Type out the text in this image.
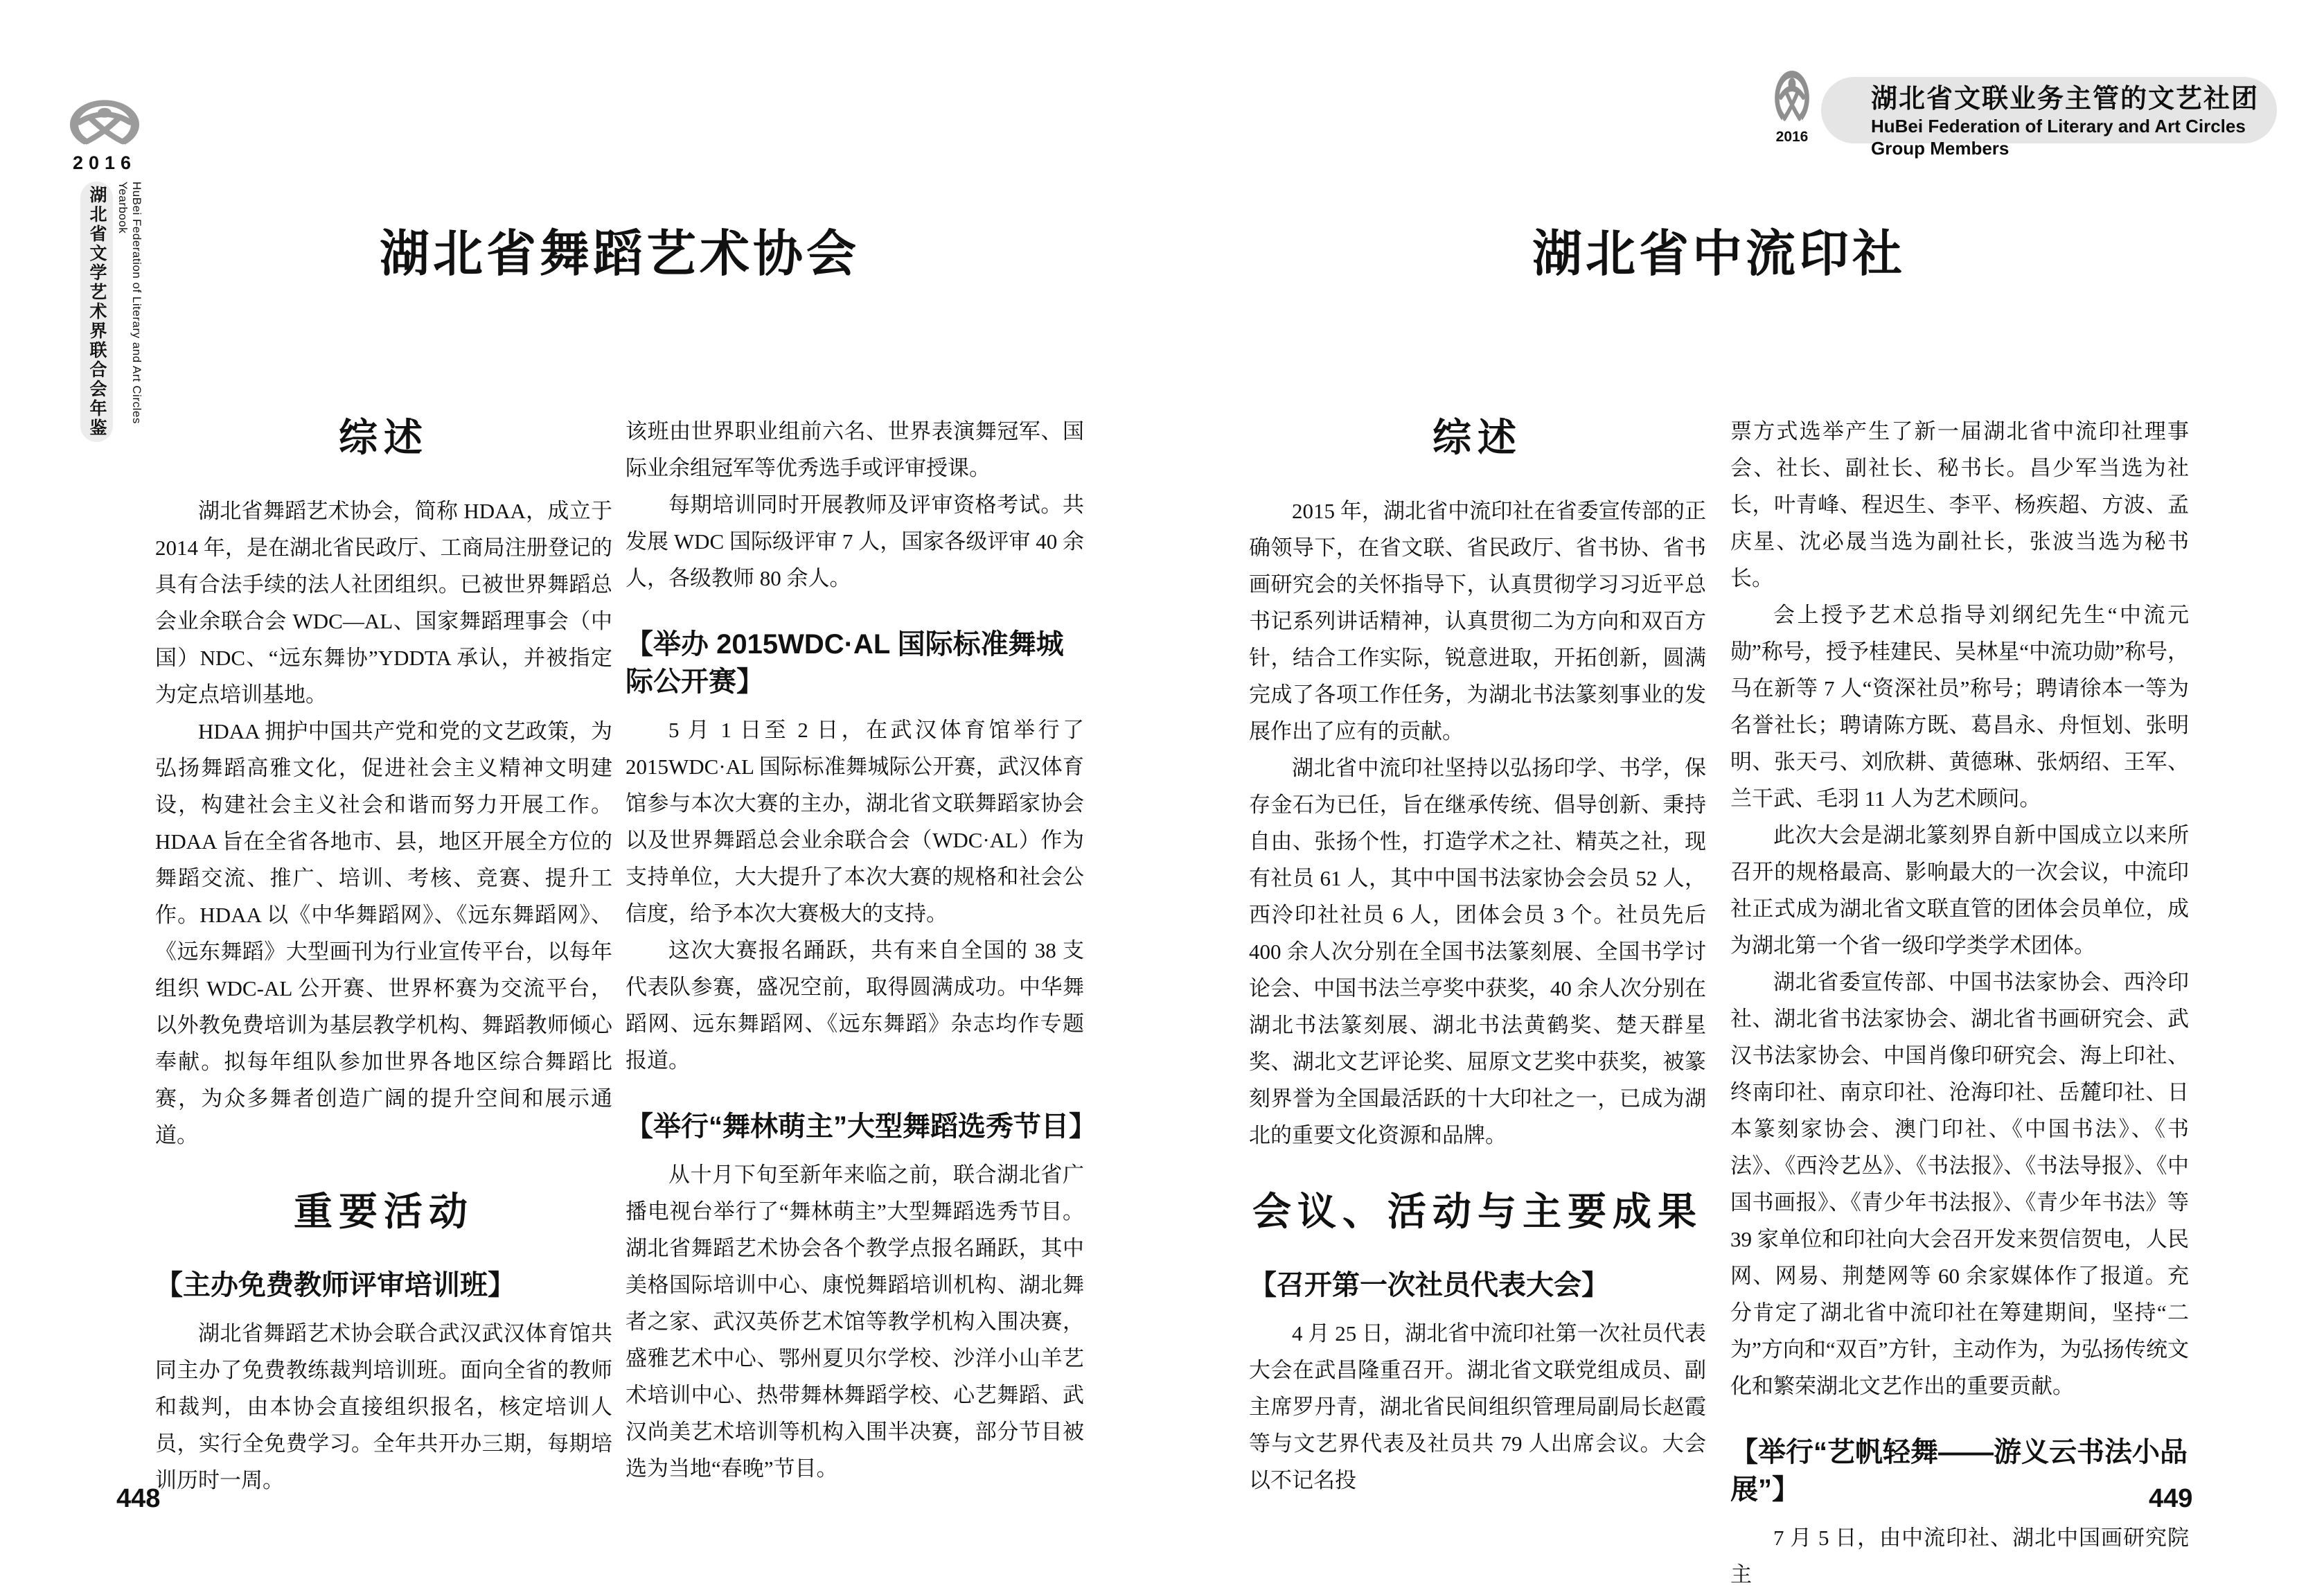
2016
湖北省文学艺术界联合会年鉴	HuBei Federation of Literary and Art Circles Yearbook
2016
湖北省文联业务主管的文艺社团
HuBei Federation of Literary and Art Circles Group Members
湖北省舞蹈艺术协会
综述
湖北省舞蹈艺术协会，简称 HDAA，成立于 2014 年，是在湖北省民政厅、工商局注册登记的具有合法手续的法人社团组织。已被世界舞蹈总会业余联合会 WDC—AL、国家舞蹈理事会（中国）NDC、“远东舞协”YDDTA 承认，并被指定为定点培训基地。
HDAA 拥护中国共产党和党的文艺政策，为弘扬舞蹈高雅文化，促进社会主义精神文明建设，构建社会主义社会和谐而努力开展工作。HDAA 旨在全省各地市、县，地区开展全方位的舞蹈交流、推广、培训、考核、竞赛、提升工作。HDAA 以《中华舞蹈网》、《远东舞蹈网》、《远东舞蹈》大型画刊为行业宣传平台，以每年组织 WDC-AL 公开赛、世界杯赛为交流平台，以外教免费培训为基层教学机构、舞蹈教师倾心奉献。拟每年组队参加世界各地区综合舞蹈比赛，为众多舞者创造广阔的提升空间和展示通道。
重要活动
【主办免费教师评审培训班】
湖北省舞蹈艺术协会联合武汉武汉体育馆共同主办了免费教练裁判培训班。面向全省的教师和裁判，由本协会直接组织报名，核定培训人员，实行全免费学习。全年共开办三期，每期培训历时一周。
该班由世界职业组前六名、世界表演舞冠军、国际业余组冠军等优秀选手或评审授课。
每期培训同时开展教师及评审资格考试。共发展 WDC 国际级评审 7 人，国家各级评审 40 余人，各级教师 80 余人。
【举办 2015WDC·AL 国际标准舞城际公开赛】
5 月 1 日至 2 日，在武汉体育馆举行了 2015WDC·AL 国际标准舞城际公开赛，武汉体育馆参与本次大赛的主办，湖北省文联舞蹈家协会以及世界舞蹈总会业余联合会（WDC·AL）作为支持单位，大大提升了本次大赛的规格和社会公信度，给予本次大赛极大的支持。
这次大赛报名踊跃，共有来自全国的 38 支代表队参赛，盛况空前，取得圆满成功。中华舞蹈网、远东舞蹈网、《远东舞蹈》杂志均作专题报道。
【举行“舞林萌主”大型舞蹈选秀节目】
从十月下旬至新年来临之前，联合湖北省广播电视台举行了“舞林萌主”大型舞蹈选秀节目。湖北省舞蹈艺术协会各个教学点报名踊跃，其中美格国际培训中心、康悦舞蹈培训机构、湖北舞者之家、武汉英侨艺术馆等教学机构入围决赛，盛雅艺术中心、鄂州夏贝尔学校、沙洋小山羊艺术培训中心、热带舞林舞蹈学校、心艺舞蹈、武汉尚美艺术培训等机构入围半决赛，部分节目被选为当地“春晚”节目。
湖北省中流印社
综述
2015 年，湖北省中流印社在省委宣传部的正确领导下，在省文联、省民政厅、省书协、省书画研究会的关怀指导下，认真贯彻学习习近平总书记系列讲话精神，认真贯彻二为方向和双百方针，结合工作实际，锐意进取，开拓创新，圆满完成了各项工作任务，为湖北书法篆刻事业的发展作出了应有的贡献。
湖北省中流印社坚持以弘扬印学、书学，保存金石为已任，旨在继承传统、倡导创新、秉持自由、张扬个性，打造学术之社、精英之社，现有社员 61 人，其中中国书法家协会会员 52 人，西泠印社社员 6 人，团体会员 3 个。社员先后 400 余人次分别在全国书法篆刻展、全国书学讨论会、中国书法兰亭奖中获奖，40 余人次分别在湖北书法篆刻展、湖北书法黄鹤奖、楚天群星奖、湖北文艺评论奖、屈原文艺奖中获奖，被篆刻界誉为全国最活跃的十大印社之一，已成为湖北的重要文化资源和品牌。
会议、活动与主要成果
【召开第一次社员代表大会】
4 月 25 日，湖北省中流印社第一次社员代表大会在武昌隆重召开。湖北省文联党组成员、副主席罗丹青，湖北省民间组织管理局副局长赵霞等与文艺界代表及社员共 79 人出席会议。大会以不记名投
票方式选举产生了新一届湖北省中流印社理事会、社长、副社长、秘书长。昌少军当选为社长，叶青峰、程迟生、李平、杨疾超、方波、孟庆星、沈必晟当选为副社长，张波当选为秘书长。
会上授予艺术总指导刘纲纪先生“中流元勋”称号，授予桂建民、吴林星“中流功勋”称号，马在新等 7 人“资深社员”称号；聘请徐本一等为名誉社长；聘请陈方既、葛昌永、舟恒划、张明明、张天弓、刘欣耕、黄德琳、张炳绍、王军、兰干武、毛羽 11 人为艺术顾问。
此次大会是湖北篆刻界自新中国成立以来所召开的规格最高、影响最大的一次会议，中流印社正式成为湖北省文联直管的团体会员单位，成为湖北第一个省一级印学类学术团体。
湖北省委宣传部、中国书法家协会、西泠印社、湖北省书法家协会、湖北省书画研究会、武汉书法家协会、中国肖像印研究会、海上印社、终南印社、南京印社、沧海印社、岳麓印社、日本篆刻家协会、澳门印社、《中国书法》、《书法》、《西泠艺丛》、《书法报》、《书法导报》、《中国书画报》、《青少年书法报》、《青少年书法》等 39 家单位和印社向大会召开发来贺信贺电，人民网、网易、荆楚网等 60 余家媒体作了报道。充分肯定了湖北省中流印社在筹建期间，坚持“二为”方向和“双百”方针，主动作为，为弘扬传统文化和繁荣湖北文艺作出的重要贡献。
【举行“艺帆轻舞——游义云书法小品展”】
7 月 5 日，由中流印社、湖北中国画研究院主
448	449
